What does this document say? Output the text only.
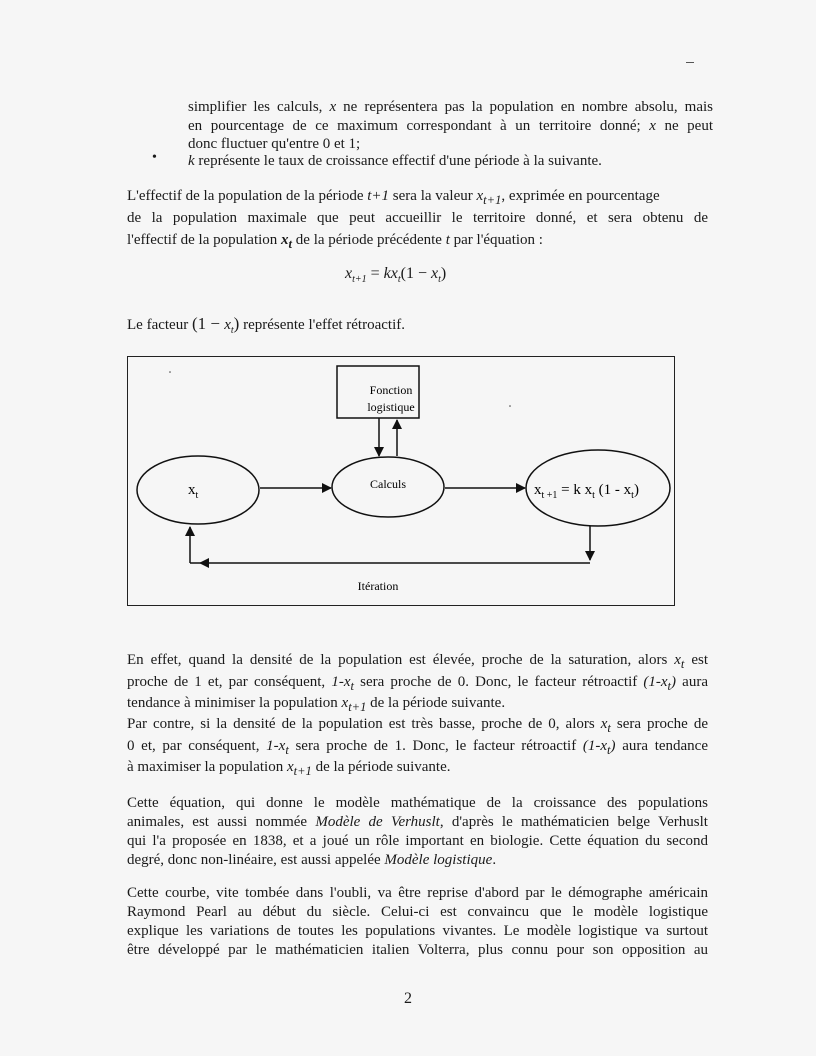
simplifier les calculs, x ne représentera pas la population en nombre absolu, mais
en pourcentage de ce maximum correspondant à un territoire donné; x ne peut
donc fluctuer qu'entre 0 et 1;
• k représente le taux de croissance effectif d'une période à la suivante.
L'effectif de la population de la période t+1 sera la valeur $x_{t+1}$, exprimée en pourcentage
de la population maximale que peut accueillir le territoire donné, et sera obtenu de
l'effectif de la population $x_t$ de la période précédente t par l'équation :
$x_{t+1} = kx_t(1 - x_t)$
Le facteur $(1 - x_t)$ représente l'effet rétroactif.
Fonction
logistique
$x_t$
Calculs	$x_{t +1} = k$ $x_t$ $(1 - x_t)$
Itération
En effet, quand la densité de la population est élevée, proche de la saturation, alors $x_t$ est
proche de 1 et, par conséquent, $1-x_t$ sera proche de 0. Donc, le facteur rétroactif $(1-x_t)$ aura
tendance à minimiser la population $x_{t+1}$ de la période suivante.
Par contre, si la densité de la population est très basse, proche de 0, alors $x_t$ sera proche de
0 et, par conséquent, $1-x_t$ sera proche de 1. Donc, le facteur rétroactif $(1-x_t)$ aura tendance
à maximiser la population $x_{t+1}$ de la période suivante.
Cette équation, qui donne le modèle mathématique de la croissance des populations
animales, est aussi nommée Modèle de Verhuslt, d'après le mathématicien belge Verhuslt
qui l'a proposée en 1838, et a joué un rôle important en biologie. Cette équation du second
degré, donc non-linéaire, est aussi appelée Modèle logistique.
Cette courbe, vite tombée dans l'oubli, va être reprise d'abord par le démographe américain
Raymond Pearl au début du siècle. Celui-ci est convaincu que le modèle logistique
explique les variations de toutes les populations vivantes. Le modèle logistique va surtout
être développé par le mathématicien italien Volterra, plus connu pour son opposition au
2
